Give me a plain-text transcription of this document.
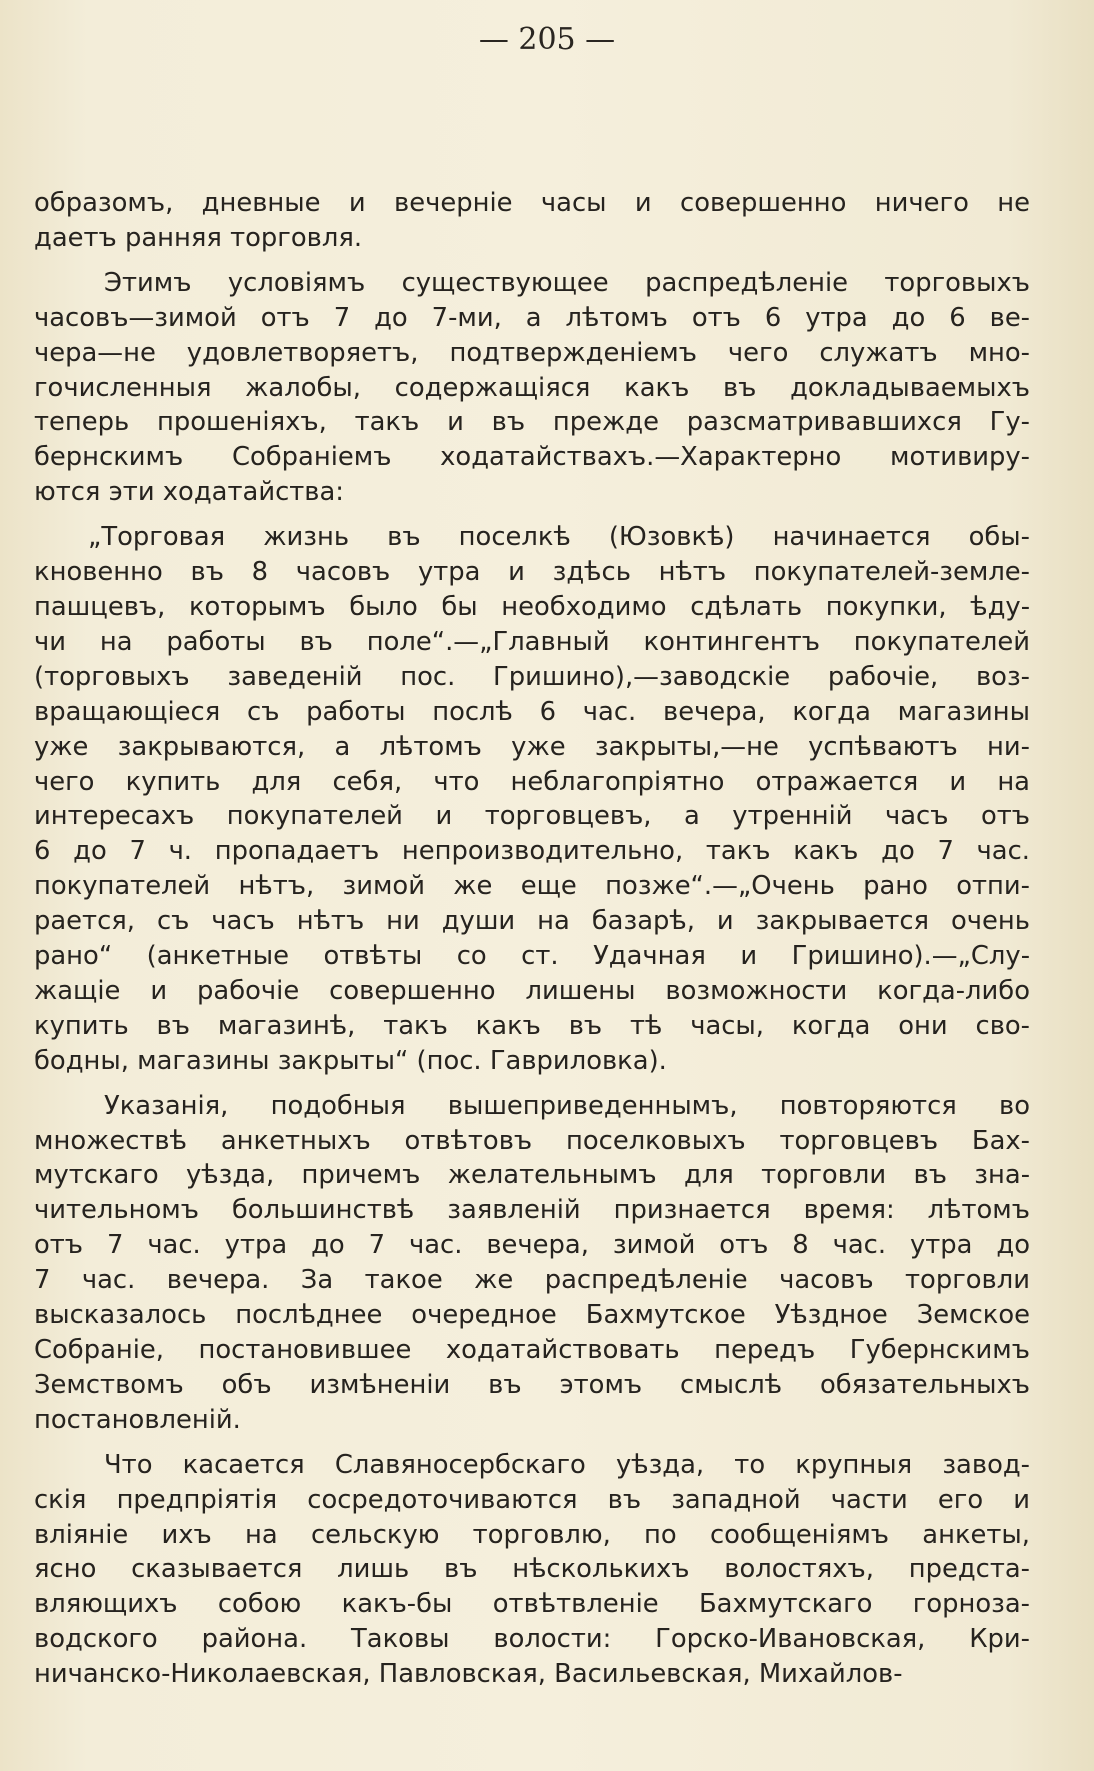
— 205 —
образомъ, дневные и вечерніе часы и совершенно ничего не
даетъ ранняя торговля.
Этимъ условіямъ существующее распредѣленіе торговыхъ
часовъ—зимой отъ 7 до 7-ми, а лѣтомъ отъ 6 утра до 6 ве-
чера—не удовлетворяетъ, подтвержденіемъ чего служатъ мно-
гочисленныя жалобы, содержащіяся какъ въ докладываемыхъ
теперь прошеніяхъ, такъ и въ прежде разсматривавшихся Гу-
бернскимъ Собраніемъ ходатайствахъ.—Характерно мотивиру-
ются эти ходатайства:
„Торговая жизнь въ поселкѣ (Юзовкѣ) начинается обы-
кновенно въ 8 часовъ утра и здѣсь нѣтъ покупателей-земле-
пашцевъ, которымъ было бы необходимо сдѣлать покупки, ѣду-
чи на работы въ поле“.—„Главный контингентъ покупателей
(торговыхъ заведеній пос. Гришино),—заводскіе рабочіе, воз-
вращающіеся съ работы послѣ 6 час. вечера, когда магазины
уже закрываются, а лѣтомъ уже закрыты,—не успѣваютъ ни-
чего купить для себя, что неблагопріятно отражается и на
интересахъ покупателей и торговцевъ, а утренній часъ отъ
6 до 7 ч. пропадаетъ непроизводительно, такъ какъ до 7 час.
покупателей нѣтъ, зимой же еще позже“.—„Очень рано отпи-
рается, съ часъ нѣтъ ни души на базарѣ, и закрывается очень
рано“ (анкетные отвѣты со ст. Удачная и Гришино).—„Слу-
жащіе и рабочіе совершенно лишены возможности когда-либо
купить въ магазинѣ, такъ какъ въ тѣ часы, когда они сво-
бодны, магазины закрыты“ (пос. Гавриловка).
Указанія, подобныя вышеприведеннымъ, повторяются во
множествѣ анкетныхъ отвѣтовъ поселковыхъ торговцевъ Бах-
мутскаго уѣзда, причемъ желательнымъ для торговли въ зна-
чительномъ большинствѣ заявленій признается время: лѣтомъ
отъ 7 час. утра до 7 час. вечера, зимой отъ 8 час. утра до
7 час. вечера. За такое же распредѣленіе часовъ торговли
высказалось послѣднее очередное Бахмутское Уѣздное Земское
Собраніе, постановившее ходатайствовать передъ Губернскимъ
Земствомъ объ измѣненіи въ этомъ смыслѣ обязательныхъ
постановленій.
Что касается Славяносербскаго уѣзда, то крупныя завод-
скія предпріятія сосредоточиваются въ западной части его и
вліяніе ихъ на сельскую торговлю, по сообщеніямъ анкеты,
ясно сказывается лишь въ нѣсколькихъ волостяхъ, предста-
вляющихъ собою какъ-бы отвѣтвленіе Бахмутскаго горноза-
водского района. Таковы волости: Горско-Ивановская, Кри-
ничанско-Николаевская, Павловская, Васильевская, Михайлов-
